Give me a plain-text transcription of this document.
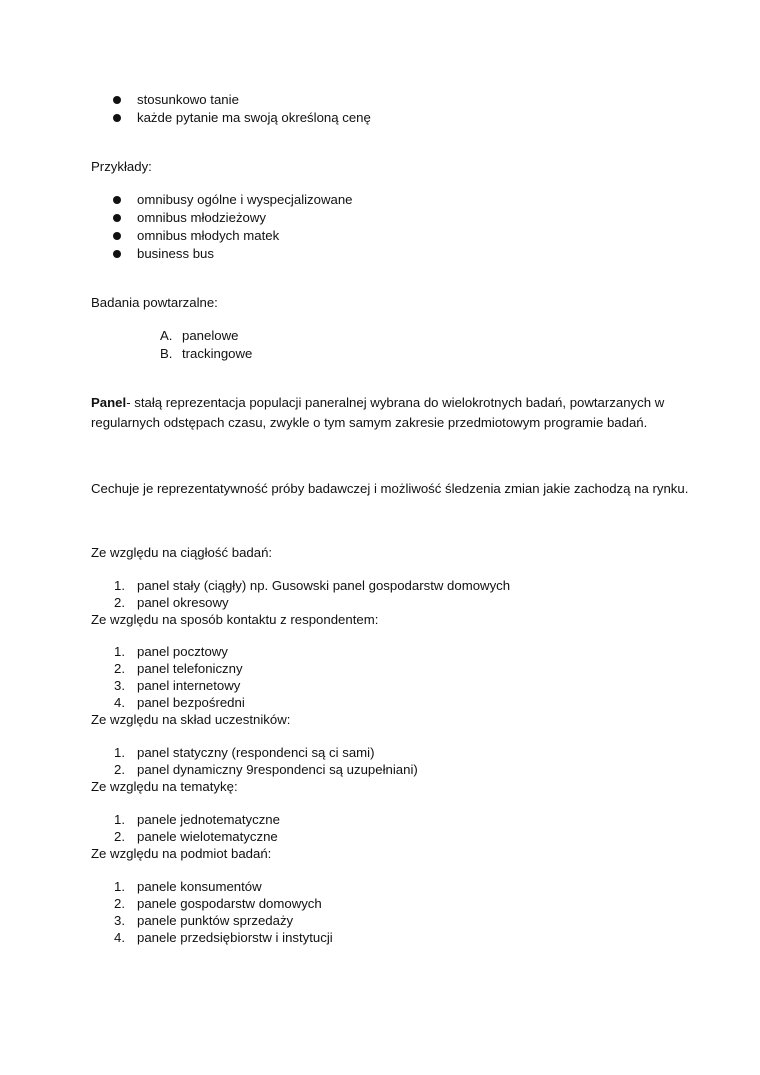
stosunkowo tanie
każde pytanie ma swoją określoną cenę
Przykłady:
omnibusy ogólne i wyspecjalizowane
omnibus młodzieżowy
omnibus młodych matek
business bus
Badania powtarzalne:
A. panelowe
B. trackingowe
Panel- stałą reprezentacja populacji paneralnej wybrana do wielokrotnych badań, powtarzanych w
regularnych odstępach czasu, zwykle o tym samym zakresie przedmiotowym programie badań.
Cechuje je reprezentatywność próby badawczej i możliwość śledzenia zmian jakie zachodzą na rynku.
Ze względu na ciągłość badań:
1. panel stały (ciągły) np. Gusowski panel gospodarstw domowych
2. panel okresowy
Ze względu na sposób kontaktu z respondentem:
1. panel pocztowy
2. panel telefoniczny
3. panel internetowy
4. panel bezpośredni
Ze względu na skład uczestników:
1. panel statyczny (respondenci są ci sami)
2. panel dynamiczny 9respondenci są uzupełniani)
Ze względu na tematykę:
1. panele jednotematyczne
2. panele wielotematyczne
Ze względu na podmiot badań:
1. panele konsumentów
2. panele gospodarstw domowych
3. panele punktów sprzedaży
4. panele przedsiębiorstw i instytucji
